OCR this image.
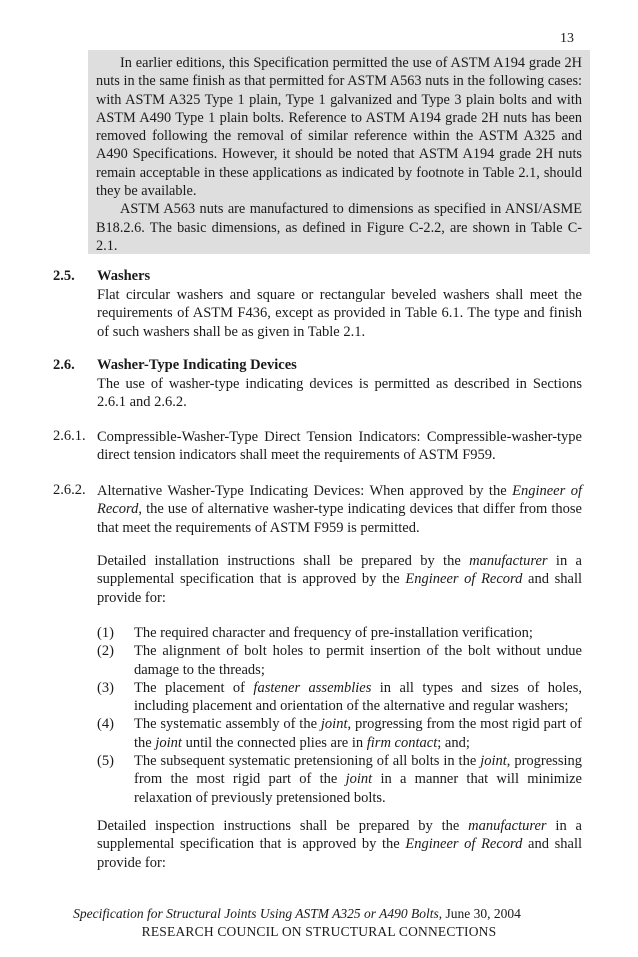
13

In earlier editions, this Specification permitted the use of ASTM A194 grade 2H nuts in the same finish as that permitted for ASTM A563 nuts in the following cases: with ASTM A325 Type 1 plain, Type 1 galvanized and Type 3 plain bolts and with ASTM A490 Type 1 plain bolts. Reference to ASTM A194 grade 2H nuts has been removed following the removal of similar reference within the ASTM A325 and A490 Specifications. However, it should be noted that ASTM A194 grade 2H nuts remain acceptable in these applications as indicated by footnote in Table 2.1, should they be available.

ASTM A563 nuts are manufactured to dimensions as specified in ANSI/ASME B18.2.6. The basic dimensions, as defined in Figure C-2.2, are shown in Table C-2.1.

2.5. Washers

Flat circular washers and square or rectangular beveled washers shall meet the requirements of ASTM F436, except as provided in Table 6.1. The type and finish of such washers shall be as given in Table 2.1.

2.6. Washer-Type Indicating Devices

The use of washer-type indicating devices is permitted as described in Sections 2.6.1 and 2.6.2.

2.6.1. Compressible-Washer-Type Direct Tension Indicators: Compressible-washer-type direct tension indicators shall meet the requirements of ASTM F959.

2.6.2. Alternative Washer-Type Indicating Devices: When approved by the Engineer of Record, the use of alternative washer-type indicating devices that differ from those that meet the requirements of ASTM F959 is permitted.

Detailed installation instructions shall be prepared by the manufacturer in a supplemental specification that is approved by the Engineer of Record and shall provide for:

(1) The required character and frequency of pre-installation verification;
(2) The alignment of bolt holes to permit insertion of the bolt without undue damage to the threads;
(3) The placement of fastener assemblies in all types and sizes of holes, including placement and orientation of the alternative and regular washers;
(4) The systematic assembly of the joint, progressing from the most rigid part of the joint until the connected plies are in firm contact; and;
(5) The subsequent systematic pretensioning of all bolts in the joint, progressing from the most rigid part of the joint in a manner that will minimize relaxation of previously pretensioned bolts.

Detailed inspection instructions shall be prepared by the manufacturer in a supplemental specification that is approved by the Engineer of Record and shall provide for:

Specification for Structural Joints Using ASTM A325 or A490 Bolts, June 30, 2004
RESEARCH COUNCIL ON STRUCTURAL CONNECTIONS
